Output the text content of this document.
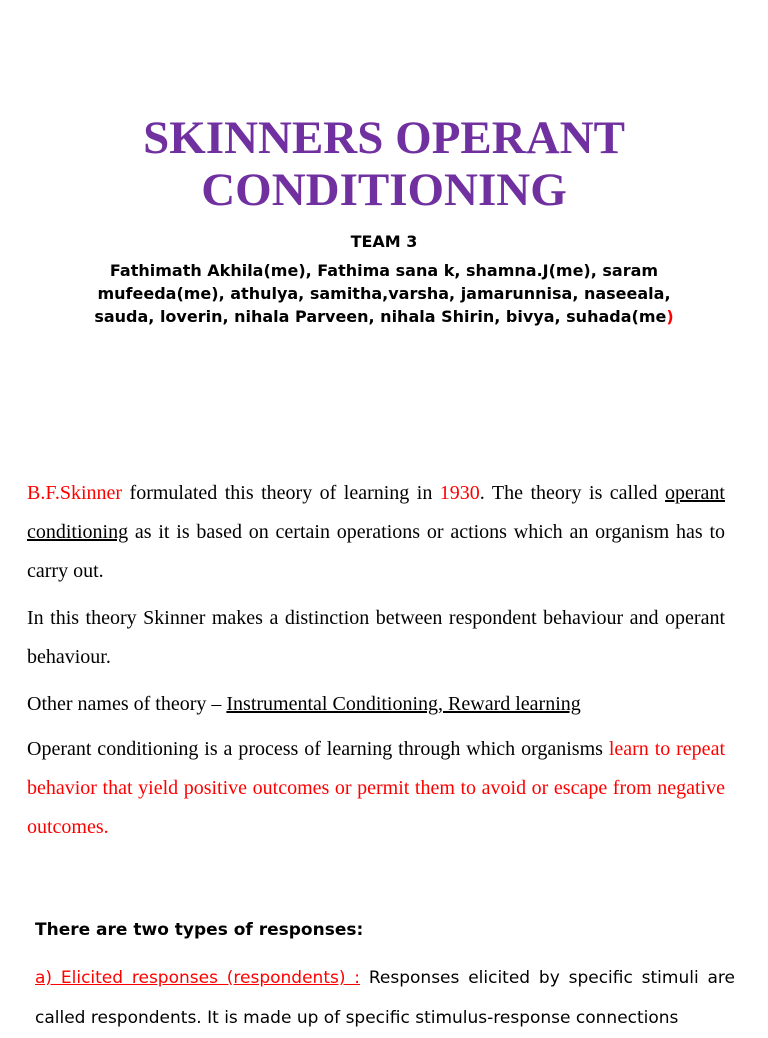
SKINNERS OPERANT
CONDITIONING
TEAM 3
Fathimath Akhila(me), Fathima sana k, shamna.J(me), saram mufeeda(me), athulya, samitha,varsha, jamarunnisa, naseeala, sauda, loverin, nihala Parveen, nihala Shirin, bivya, suhada(me)

B.F.Skinner formulated this theory of learning in 1930. The theory is called operant conditioning as it is based on certain operations or actions which an organism has to carry out.

In this theory Skinner makes a distinction between respondent behaviour and operant behaviour.

Other names of theory – Instrumental Conditioning, Reward learning

Operant conditioning is a process of learning through which organisms learn to repeat behavior that yield positive outcomes or permit them to avoid or escape from negative outcomes.

There are two types of responses:

a) Elicited responses (respondents) : Responses elicited by specific stimuli are called respondents. It is made up of specific stimulus-response connections
